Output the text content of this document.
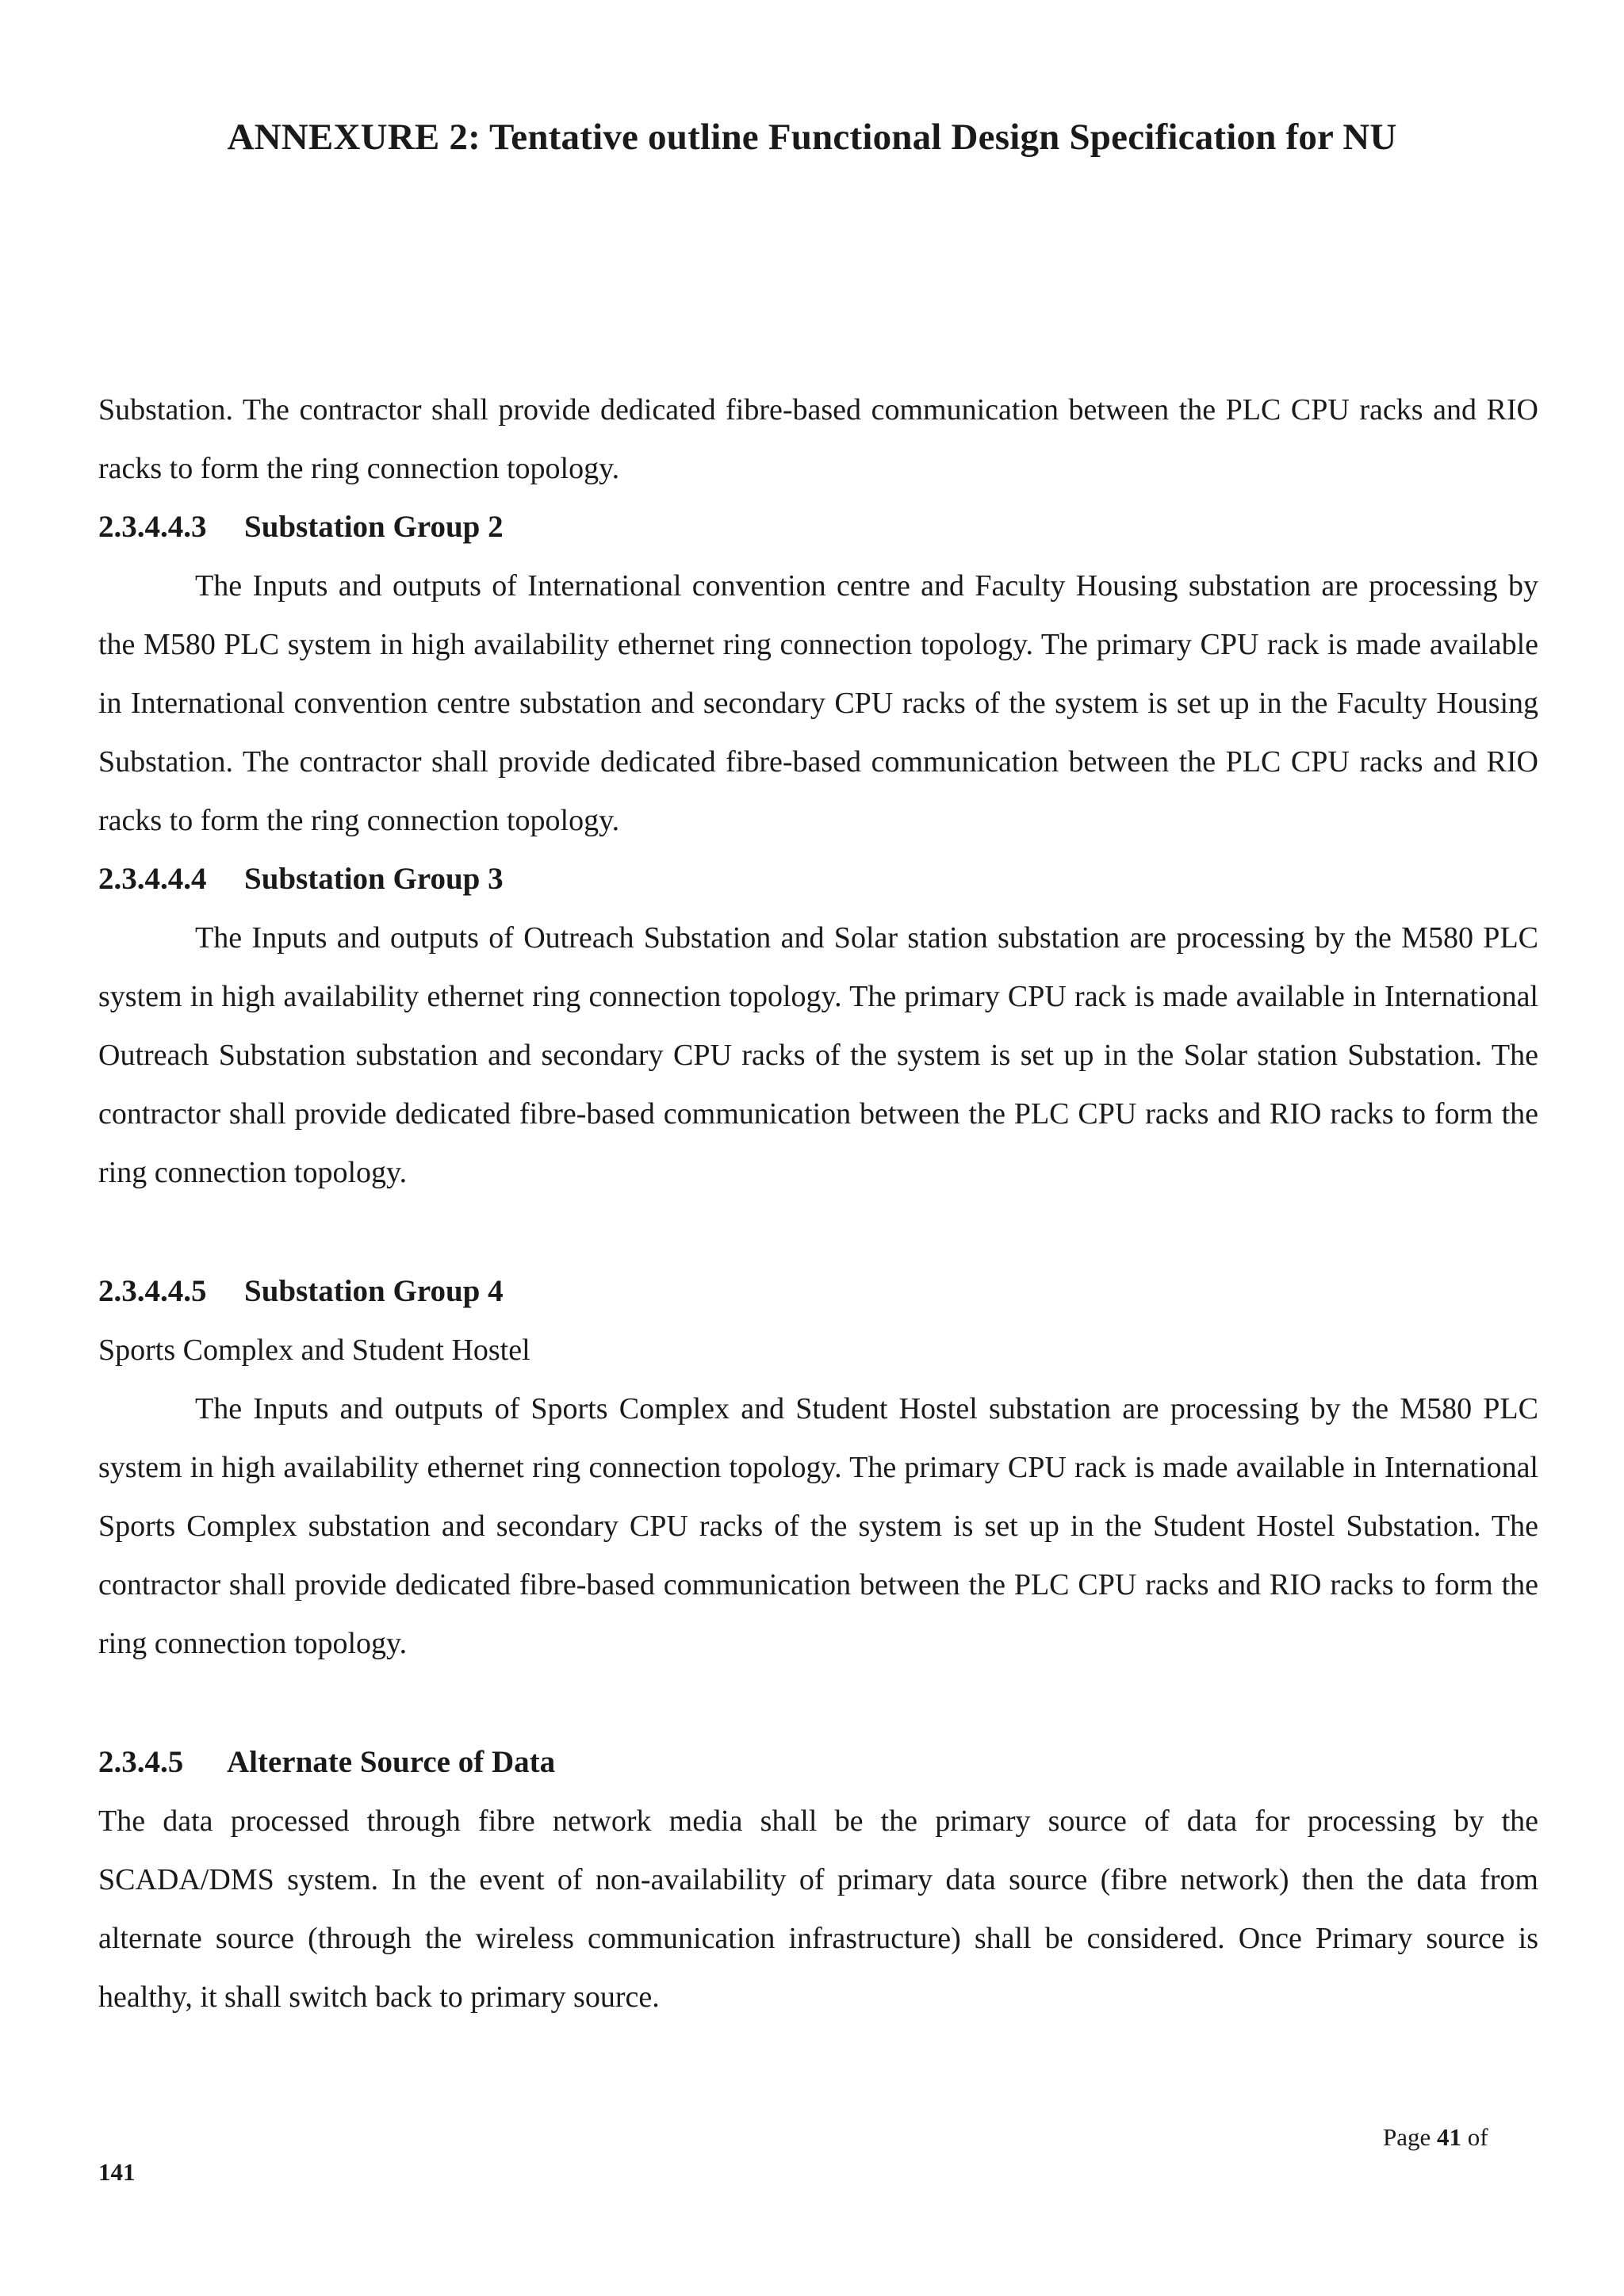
ANNEXURE 2: Tentative outline Functional Design Specification for NU

Substation. The contractor shall provide dedicated fibre-based communication between the PLC CPU racks and RIO racks to form the ring connection topology.

2.3.4.4.3 Substation Group 2

The Inputs and outputs of International convention centre and Faculty Housing substation are processing by the M580 PLC system in high availability ethernet ring connection topology. The primary CPU rack is made available in International convention centre substation and secondary CPU racks of the system is set up in the Faculty Housing Substation. The contractor shall provide dedicated fibre-based communication between the PLC CPU racks and RIO racks to form the ring connection topology.

2.3.4.4.4 Substation Group 3

The Inputs and outputs of Outreach Substation and Solar station substation are processing by the M580 PLC system in high availability ethernet ring connection topology. The primary CPU rack is made available in International Outreach Substation substation and secondary CPU racks of the system is set up in the Solar station Substation. The contractor shall provide dedicated fibre-based communication between the PLC CPU racks and RIO racks to form the ring connection topology.

2.3.4.4.5 Substation Group 4

Sports Complex and Student Hostel

The Inputs and outputs of Sports Complex and Student Hostel substation are processing by the M580 PLC system in high availability ethernet ring connection topology. The primary CPU rack is made available in International Sports Complex substation and secondary CPU racks of the system is set up in the Student Hostel Substation. The contractor shall provide dedicated fibre-based communication between the PLC CPU racks and RIO racks to form the ring connection topology.

2.3.4.5 Alternate Source of Data

The data processed through fibre network media shall be the primary source of data for processing by the SCADA/DMS system. In the event of non-availability of primary data source (fibre network) then the data from alternate source (through the wireless communication infrastructure) shall be considered. Once Primary source is healthy, it shall switch back to primary source.

Page 41 of
141
